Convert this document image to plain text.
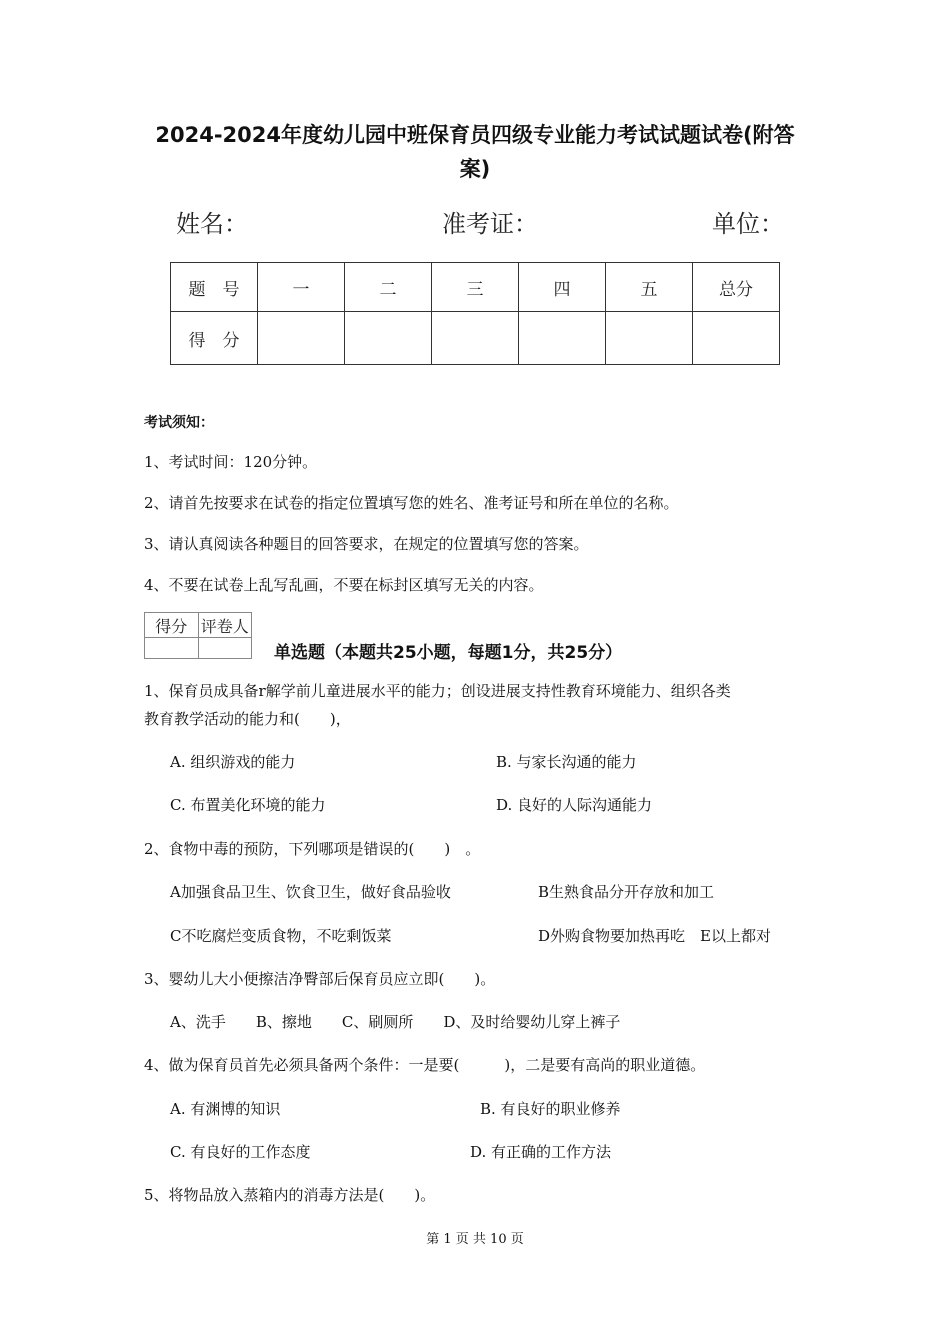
2024-2024年度幼儿园中班保育员四级专业能力考试试题试卷(附答
案)
姓名：	准考证：	单位：
题　号	一	二	三	四	五	总分
得　分						
考试须知：
1、考试时间：120分钟。
2、请首先按要求在试卷的指定位置填写您的姓名、准考证号和所在单位的名称。
3、请认真阅读各种题目的回答要求，在规定的位置填写您的答案。
4、不要在试卷上乱写乱画，不要在标封区填写无关的内容。
得分	评卷人

单选题（本题共25小题，每题1分，共25分）
1、保育员成具备r解学前儿童进展水平的能力；创设进展支持性教育环境能力、组织各类
教育教学活动的能力和(　　)，
A. 组织游戏的能力	B. 与家长沟通的能力
C. 布置美化环境的能力	D. 良好的人际沟通能力
2、食物中毒的预防，下列哪项是错误的(　　)　。
A加强食品卫生、饮食卫生，做好食品验收	B生熟食品分开存放和加工
C不吃腐烂变质食物，不吃剩饭菜	D外购食物要加热再吃　E以上都对
3、婴幼儿大小便擦洁净臀部后保育员应立即(　　)。
A、洗手　　B、擦地　　C、刷厕所　　D、及时给婴幼儿穿上裤子
4、做为保育员首先必须具备两个条件：一是要(　　　)，二是要有高尚的职业道德。
A. 有渊博的知识	B. 有良好的职业修养
C. 有良好的工作态度	D. 有正确的工作方法
5、将物品放入蒸箱内的消毒方法是(　　)。
第 1 页 共 10 页
